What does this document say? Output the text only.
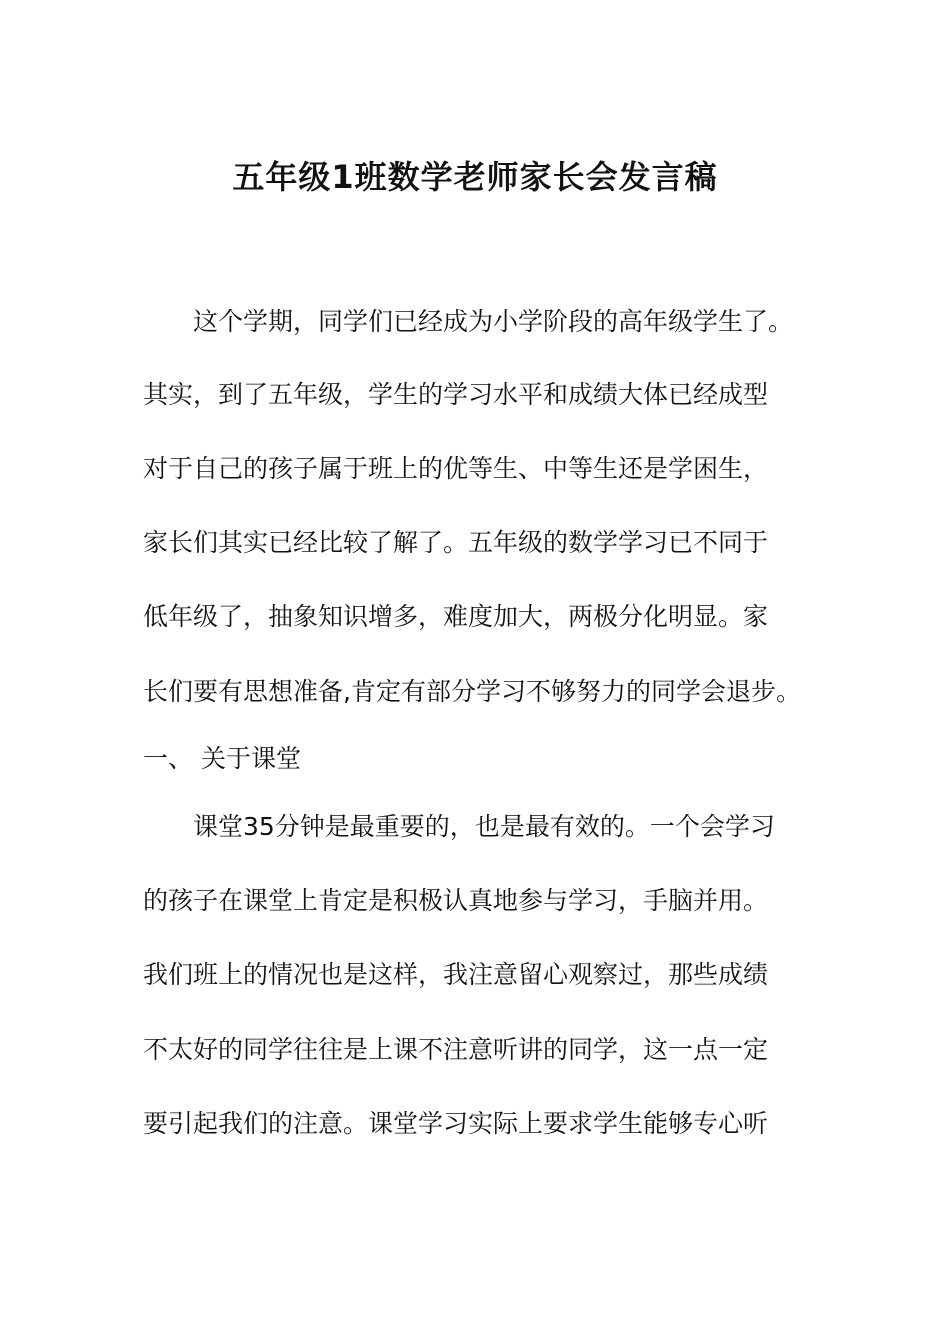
五年级1班数学老师家长会发言稿
这个学期，同学们已经成为小学阶段的高年级学生了。
其实，到了五年级，学生的学习水平和成绩大体已经成型
对于自己的孩子属于班上的优等生、中等生还是学困生，
家长们其实已经比较了解了。五年级的数学学习已不同于
低年级了，抽象知识增多，难度加大，两极分化明显。家
长们要有思想准备,肯定有部分学习不够努力的同学会退步。
一、 关于课堂
课堂35分钟是最重要的，也是最有效的。一个会学习
的孩子在课堂上肯定是积极认真地参与学习，手脑并用。
我们班上的情况也是这样，我注意留心观察过，那些成绩
不太好的同学往往是上课不注意听讲的同学，这一点一定
要引起我们的注意。课堂学习实际上要求学生能够专心听
